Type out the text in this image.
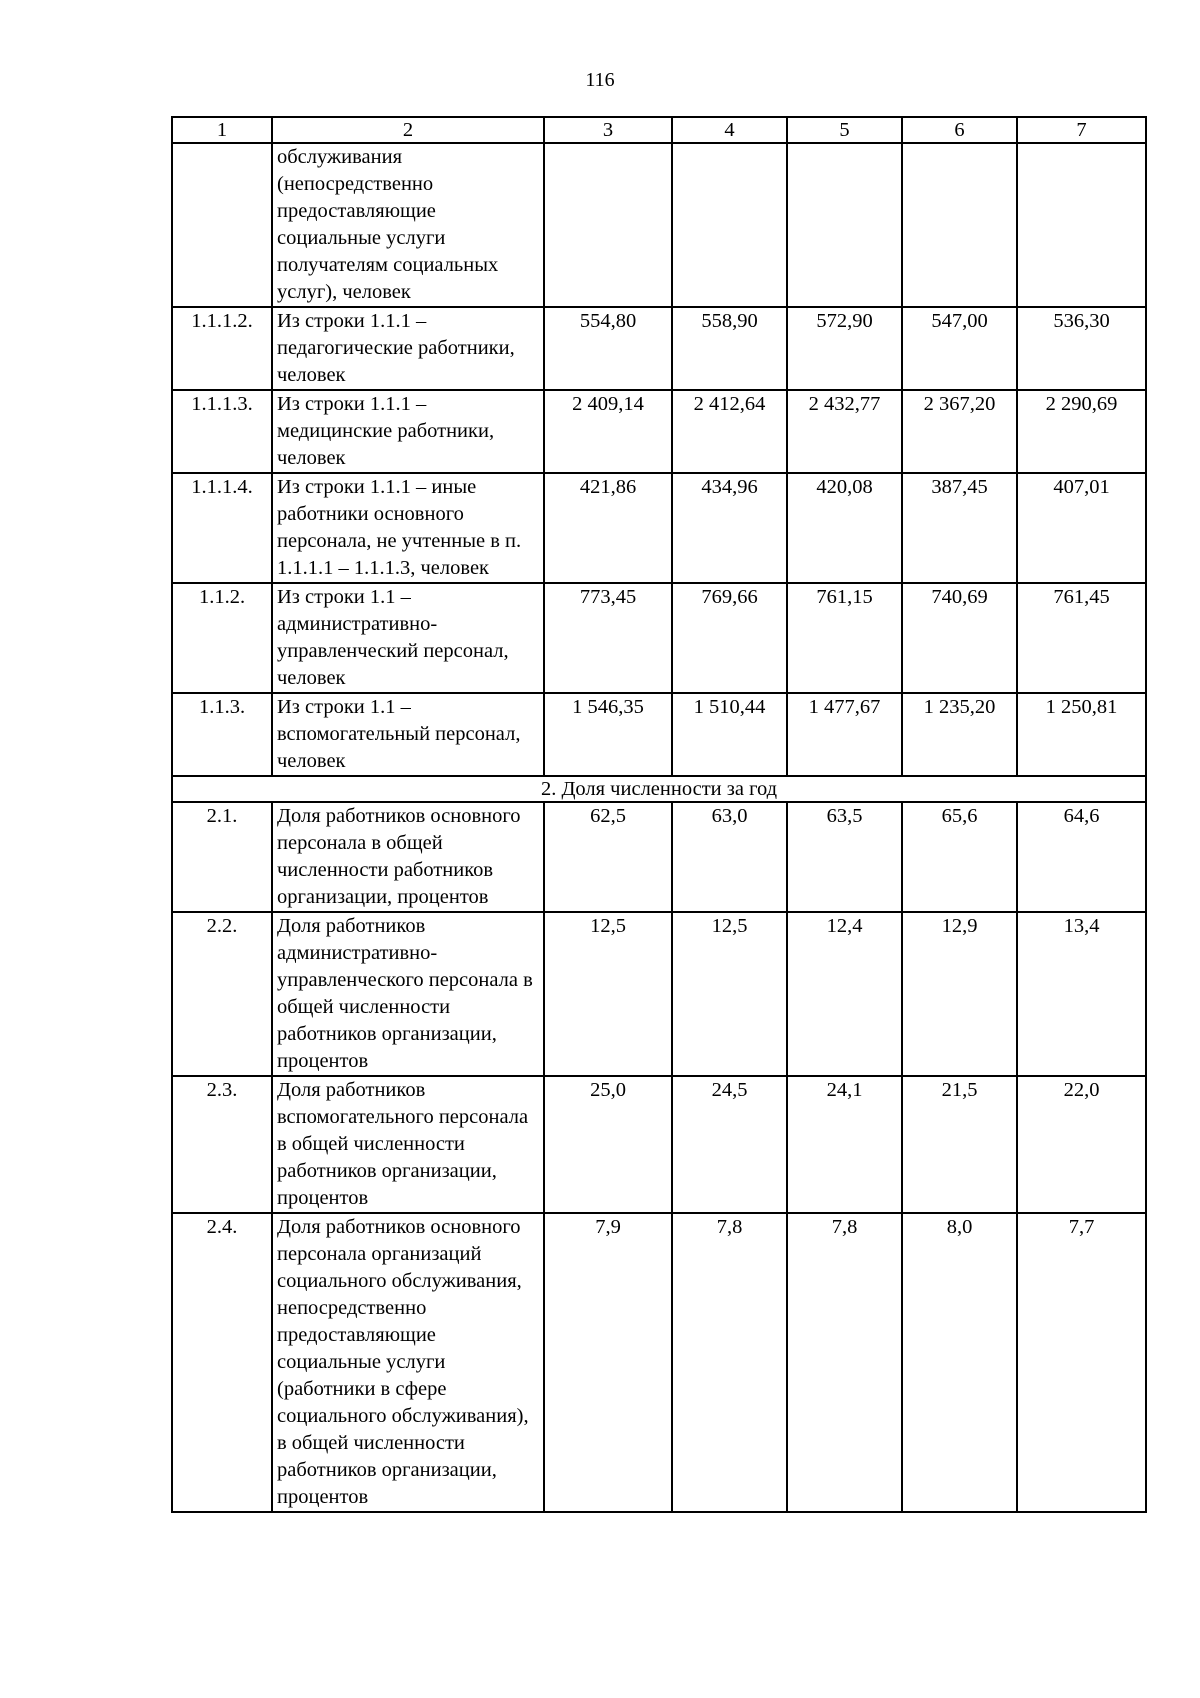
116
1	2	3	4	5	6	7
	обслуживания (непосредственно предоставляющие социальные услуги получателям социальных услуг), человек					
1.1.1.2.	Из строки 1.1.1 – педагогические работники, человек	554,80	558,90	572,90	547,00	536,30
1.1.1.3.	Из строки 1.1.1 – медицинские работники, человек	2 409,14	2 412,64	2 432,77	2 367,20	2 290,69
1.1.1.4.	Из строки 1.1.1 – иные работники основного персонала, не учтенные в п. 1.1.1.1 – 1.1.1.3, человек	421,86	434,96	420,08	387,45	407,01
1.1.2.	Из строки 1.1 – административно-управленческий персонал, человек	773,45	769,66	761,15	740,69	761,45
1.1.3.	Из строки 1.1 – вспомогательный персонал, человек	1 546,35	1 510,44	1 477,67	1 235,20	1 250,81
2. Доля численности за год						
2.1.	Доля работников основного персонала в общей численности работников организации, процентов	62,5	63,0	63,5	65,6	64,6
2.2.	Доля работников административно-управленческого персонала в общей численности работников организации, процентов	12,5	12,5	12,4	12,9	13,4
2.3.	Доля работников вспомогательного персонала в общей численности работников организации, процентов	25,0	24,5	24,1	21,5	22,0
2.4.	Доля работников основного персонала организаций социального обслуживания, непосредственно предоставляющие социальные услуги (работники в сфере социального обслуживания), в общей численности работников организации, процентов	7,9	7,8	7,8	8,0	7,7
